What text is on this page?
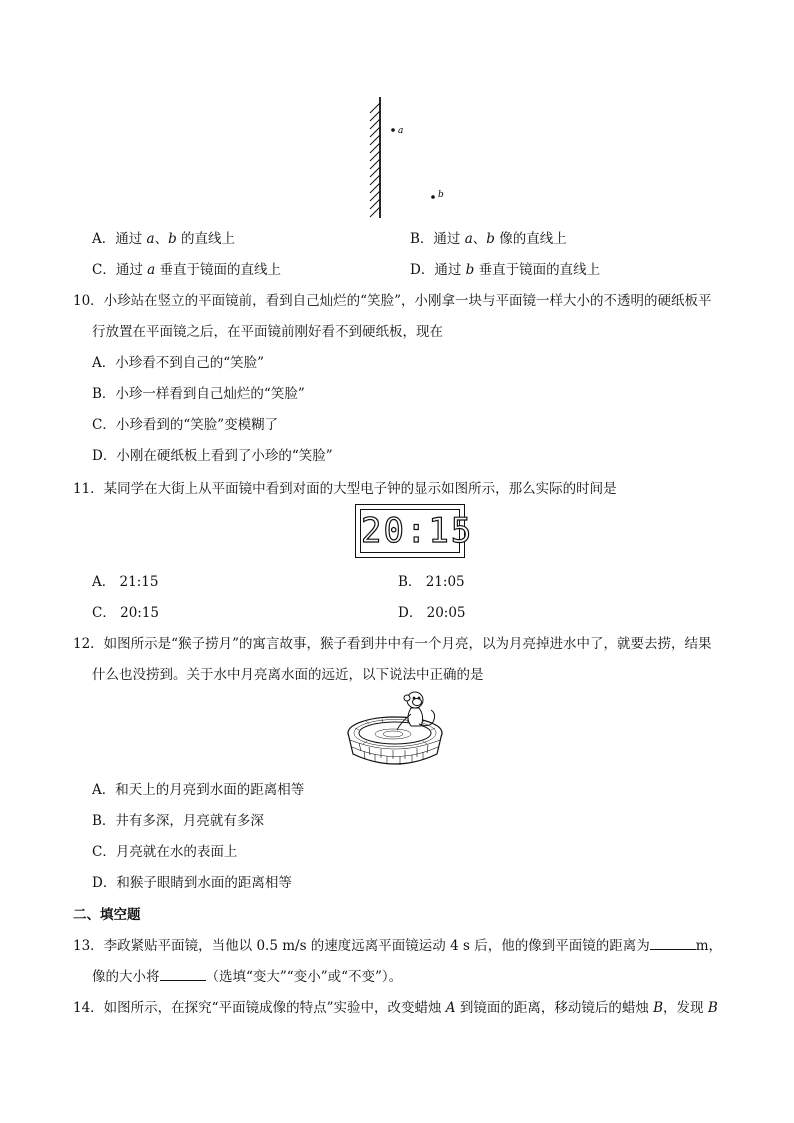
a
b
A．通过 a、b 的直线上	B．通过 a、b 像的直线上
C．通过 a 垂直于镜面的直线上	D．通过 b 垂直于镜面的直线上
10．小珍站在竖立的平面镜前，看到自己灿烂的“笑脸”，小刚拿一块与平面镜一样大小的不透明的硬纸板平
行放置在平面镜之后，在平面镜前刚好看不到硬纸板，现在
A．小珍看不到自己的“笑脸”
B．小珍一样看到自己灿烂的“笑脸”
C．小珍看到的“笑脸”变模糊了
D．小刚在硬纸板上看到了小珍的“笑脸”
11．某同学在大街上从平面镜中看到对面的大型电子钟的显示如图所示，那么实际的时间是
20:15
A． 21:15	B． 21:05
C． 20:15	D． 20:05
12．如图所示是“猴子捞月”的寓言故事，猴子看到井中有一个月亮，以为月亮掉进水中了，就要去捞，结果
什么也没捞到。关于水中月亮离水面的远近，以下说法中正确的是
A．和天上的月亮到水面的距离相等
B．井有多深，月亮就有多深
C．月亮就在水的表面上
D．和猴子眼睛到水面的距离相等
二、填空题
13．李政紧贴平面镜，当他以 0.5 m/s 的速度远离平面镜运动 4 s 后，他的像到平面镜的距离为	m，
像的大小将	（选填“变大”“变小”或“不变”）。
14．如图所示，在探究“平面镜成像的特点”实验中，改变蜡烛 A 到镜面的距离，移动镜后的蜡烛 B，发现 B
